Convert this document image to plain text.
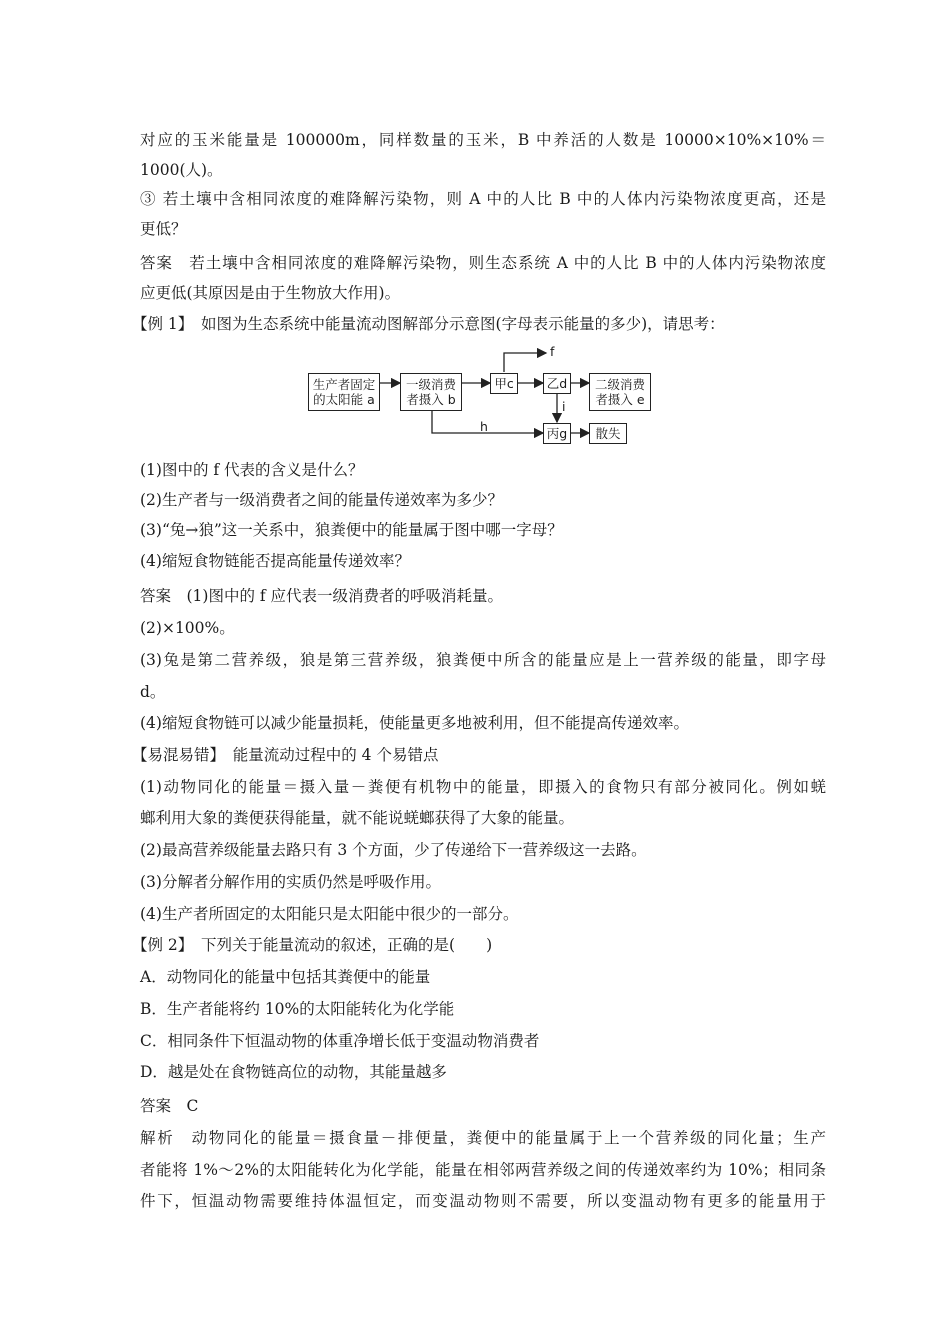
对应的玉米能量是 100000m，同样数量的玉米，B 中养活的人数是 10000×10%×10%＝
1000(人)。
③ 若土壤中含相同浓度的难降解污染物，则 A 中的人比 B 中的人体内污染物浓度更高，还是
更低？
答案　若土壤中含相同浓度的难降解污染物，则生态系统 A 中的人比 B 中的人体内污染物浓度
应更低(其原因是由于生物放大作用)。
【例 1】　如图为生态系统中能量流动图解部分示意图(字母表示能量的多少)，请思考：
生产者固定
的太阳能 a
一级消费
者摄入 b
甲c	乙d	二级消费
者摄入 e
丙g	散失
f
h
i
(1)图中的 f 代表的含义是什么？
(2)生产者与一级消费者之间的能量传递效率为多少？
(3)“兔→狼”这一关系中，狼粪便中的能量属于图中哪一字母？
(4)缩短食物链能否提高能量传递效率？
答案　(1)图中的 f 应代表一级消费者的呼吸消耗量。
(2)×100%。
(3)兔是第二营养级，狼是第三营养级，狼粪便中所含的能量应是上一营养级的能量，即字母
d。
(4)缩短食物链可以减少能量损耗，使能量更多地被利用，但不能提高传递效率。
【易混易错】　能量流动过程中的 4 个易错点
(1)动物同化的能量＝摄入量－粪便有机物中的能量，即摄入的食物只有部分被同化。例如蜣
螂利用大象的粪便获得能量，就不能说蜣螂获得了大象的能量。
(2)最高营养级能量去路只有 3 个方面，少了传递给下一营养级这一去路。
(3)分解者分解作用的实质仍然是呼吸作用。
(4)生产者所固定的太阳能只是太阳能中很少的一部分。
【例 2】　下列关于能量流动的叙述，正确的是(　　)
A．动物同化的能量中包括其粪便中的能量
B．生产者能将约 10%的太阳能转化为化学能
C．相同条件下恒温动物的体重净增长低于变温动物消费者
D．越是处在食物链高位的动物，其能量越多
答案　C
解析　动物同化的能量＝摄食量－排便量，粪便中的能量属于上一个营养级的同化量；生产
者能将 1%～2%的太阳能转化为化学能，能量在相邻两营养级之间的传递效率约为 10%；相同条
件下，恒温动物需要维持体温恒定，而变温动物则不需要，所以变温动物有更多的能量用于
